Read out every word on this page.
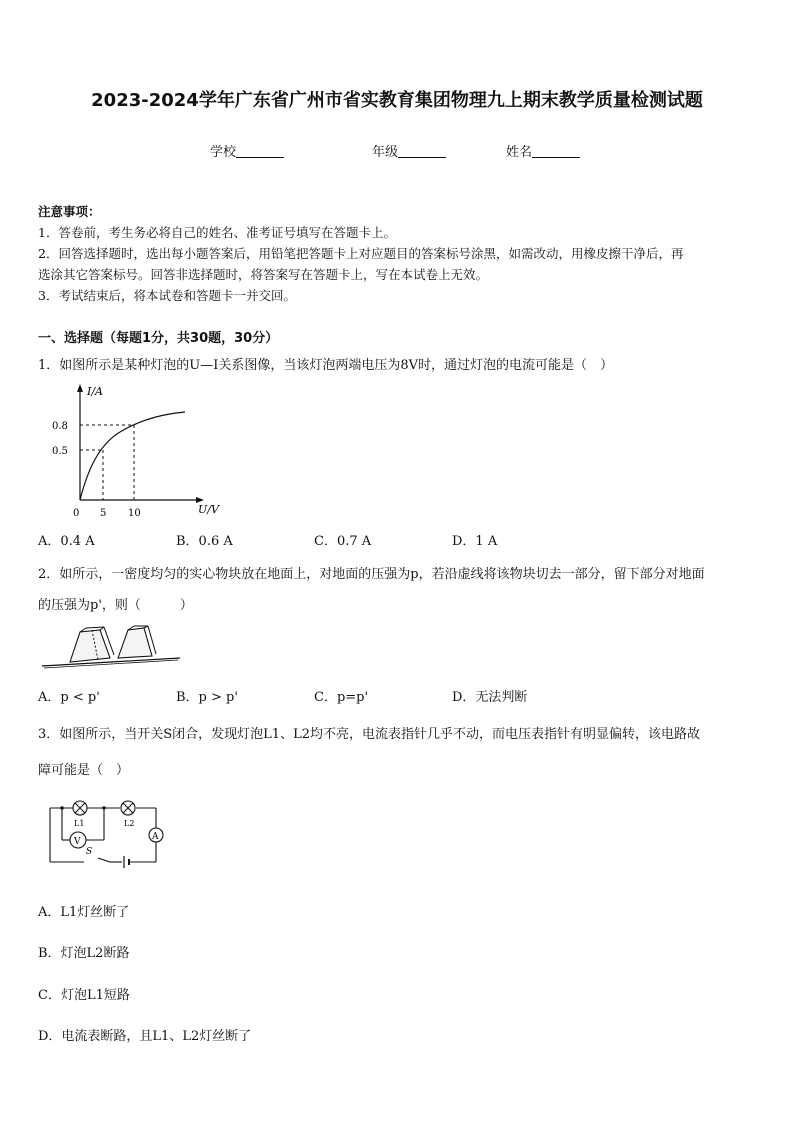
2023-2024学年广东省广州市省实教育集团物理九上期末教学质量检测试题
学校	年级	姓名
注意事项：
1．答卷前，考生务必将自己的姓名、准考证号填写在答题卡上。
2．回答选择题时，选出每小题答案后，用铅笔把答题卡上对应题目的答案标号涂黑，如需改动，用橡皮擦干净后，再
选涂其它答案标号。回答非选择题时，将答案写在答题卡上，写在本试卷上无效。
3．考试结束后，将本试卷和答题卡一并交回。
一、选择题（每题1分，共30题，30分）
1．如图所示是某种灯泡的U—I关系图像，当该灯泡两端电压为8V时，通过灯泡的电流可能是（　）
I/A
U/V
0 5 10
0.5
0.8
A．0.4 A	B．0.6 A	C．0.7 A	D．1 A
2．如所示，一密度均匀的实心物块放在地面上，对地面的压强为p，若沿虚线将该物块切去一部分，留下部分对地面
的压强为p'，则（　　　）
A．p < p'	B．p > p'	C．p=p'	D．无法判断
3．如图所示，当开关S闭合，发现灯泡L1、L2均不亮，电流表指针几乎不动，而电压表指针有明显偏转，该电路故
障可能是（　）
L1	L2
V	A
S
A．L1灯丝断了
B．灯泡L2断路
C．灯泡L1短路
D．电流表断路，且L1、L2灯丝断了
